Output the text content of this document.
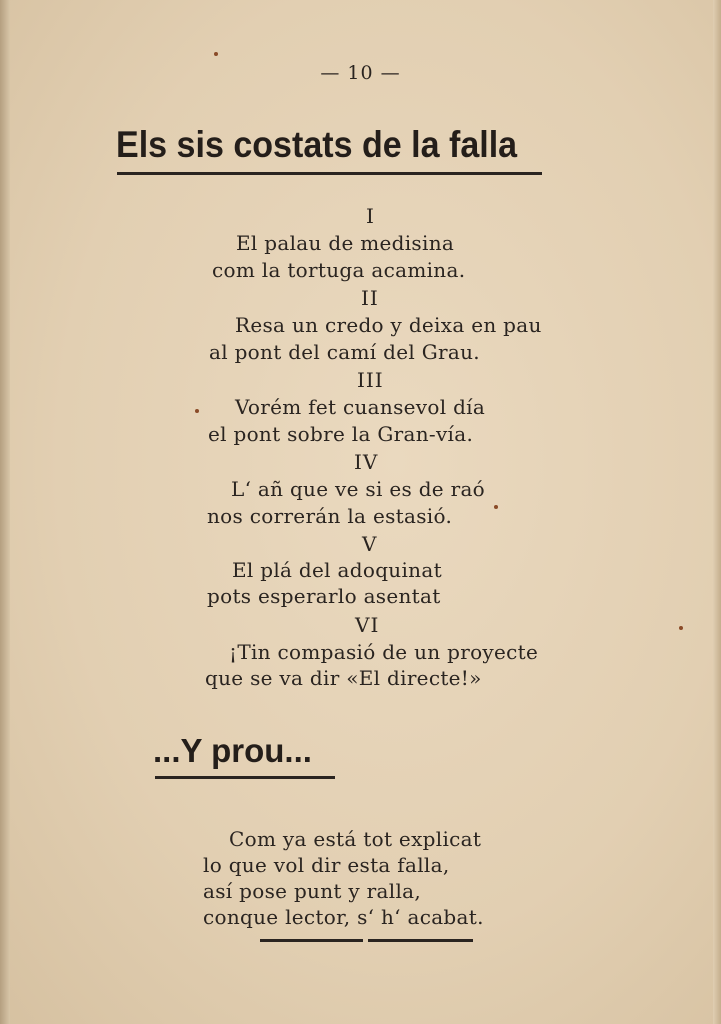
— 10 —
Els sis costats de la falla
I
El palau de medisina
com la tortuga acamina.
II
Resa un credo y deixa en pau
al pont del camí del Grau.
III
Vorém fet cuansevol día
el pont sobre la Gran-vía.
IV
L‘ añ que ve si es de raó
nos correrán la estasió.
V
El plá del adoquinat
pots esperarlo asentat
VI
¡Tin compasió de un proyecte
que se va dir «El directe!»
...Y prou...
Com ya está tot explicat
lo que vol dir esta falla,
así pose punt y ralla,
conque lector, s‘ h‘ acabat.
